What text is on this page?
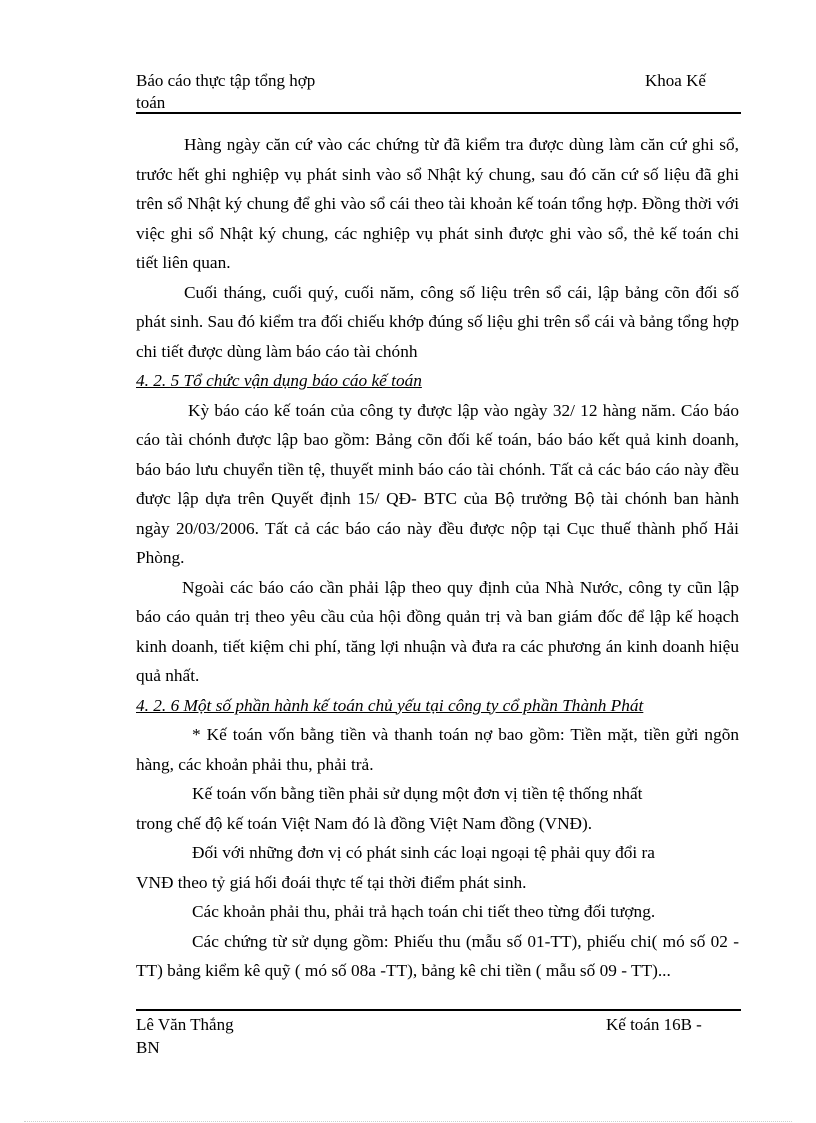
Báo cáo thực tập tổng hợp
toán
Khoa Kế

Hàng ngày căn cứ vào các chứng từ đã kiểm tra được dùng làm căn cứ ghi sổ, trước hết ghi nghiệp vụ phát sinh vào sổ Nhật ký chung, sau đó căn cứ số liệu đã ghi trên sổ Nhật ký chung để ghi vào sổ cái theo tài khoản kế toán tổng hợp. Đồng thời với việc ghi sổ Nhật ký chung, các nghiệp vụ phát sinh được ghi vào sổ, thẻ kế toán chi tiết liên quan.

Cuối tháng, cuối quý, cuối năm, công số liệu trên sổ cái, lập bảng cõn đối số phát sinh. Sau đó kiểm tra đối chiếu khớp đúng số liệu ghi trên sổ cái và bảng tổng hợp chi tiết được dùng làm báo cáo tài chónh

4. 2. 5 Tổ chức vận dụng báo cáo kế toán

Kỳ báo cáo kế toán của công ty được lập vào ngày 32/ 12 hàng năm. Cáo báo cáo tài chónh được lập bao gồm: Bảng cõn đối kế toán, báo báo kết quả kinh doanh, báo báo lưu chuyển tiền tệ, thuyết minh báo cáo tài chónh. Tất cả các báo cáo này đều được lập dựa trên Quyết định 15/ QĐ- BTC của Bộ trưởng Bộ tài chónh ban hành ngày 20/03/2006. Tất cả các báo cáo này đều được nộp tại Cục thuế thành phố Hải Phòng.

Ngoài các báo cáo cần phải lập theo quy định của Nhà Nước, công ty cũn lập báo cáo quản trị theo yêu cầu của hội đồng quản trị và ban giám đốc để lập kế hoạch kinh doanh, tiết kiệm chi phí, tăng lợi nhuận và đưa ra các phương án kinh doanh hiệu quả nhất.

4. 2. 6 Một số phần hành kế toán chủ yếu tại công ty cổ phần Thành Phát

* Kế toán vốn bằng tiền và thanh toán nợ bao gồm: Tiền mặt, tiền gửi ngõn hàng, các khoản phải thu, phải trả.

Kế toán vốn bằng tiền phải sử dụng một đơn vị tiền tệ thống nhất

trong chế độ kế toán Việt Nam đó là đồng Việt Nam đồng (VNĐ).

Đối với những đơn vị có phát sinh các loại ngoại tệ phải quy đổi ra

VNĐ theo tỷ giá hối đoái thực tế tại thời điểm phát sinh.

Các khoản phải thu, phải trả hạch toán chi tiết theo từng đối tượng.

Các chứng từ sử dụng gồm: Phiếu thu (mẫu số 01-TT), phiếu chi( mó số 02 - TT) bảng kiểm kê quỹ ( mó số 08a -TT), bảng kê chi tiền ( mẫu số 09 - TT)...

Lê Văn Thắng
BN
Kế toán 16B -
